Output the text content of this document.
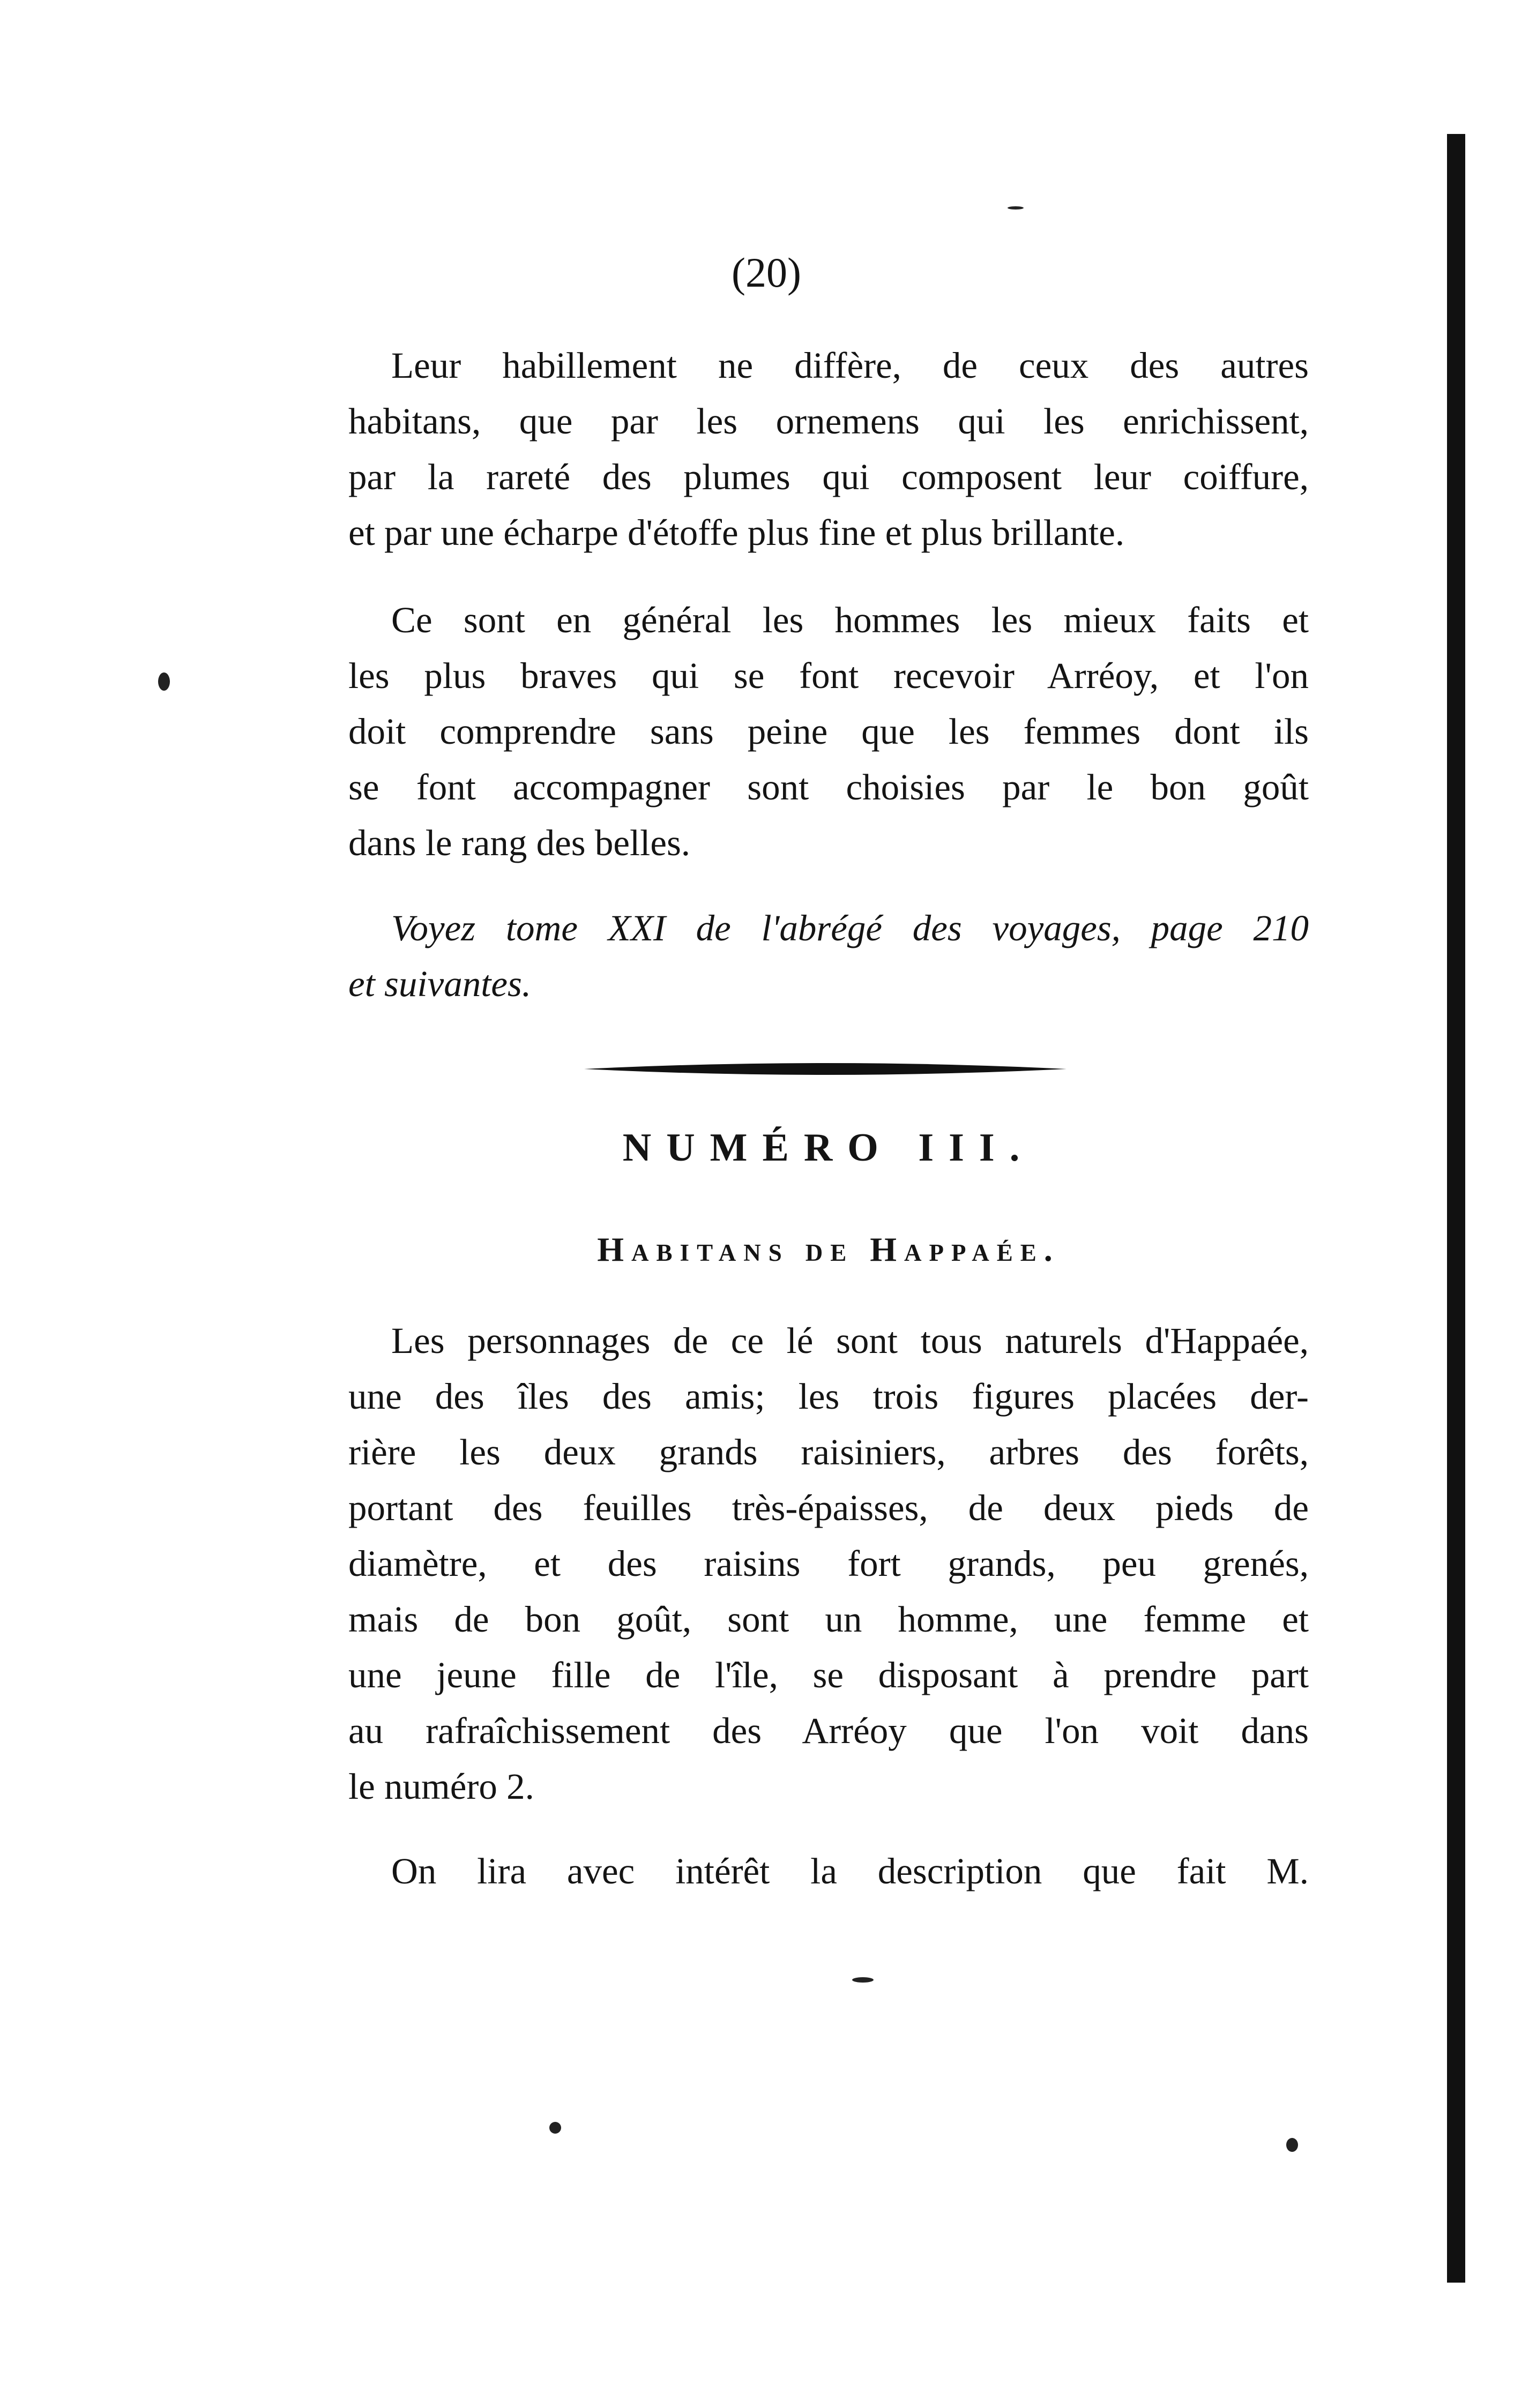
(20)

Leur habillement ne diffère, de ceux des autres
habitans, que par les ornemens qui les enrichissent,
par la rareté des plumes qui composent leur coiffure,
et par une écharpe d'étoffe plus fine et plus brillante.

Ce sont en général les hommes les mieux faits et
les plus braves qui se font recevoir Arréoy, et l'on
doit comprendre sans peine que les femmes dont ils
se font accompagner sont choisies par le bon goût
dans le rang des belles.

Voyez tome XXI de l'abrégé des voyages, page 210
et suivantes.

NUMÉRO III.
Habitans de Happaée.

Les personnages de ce lé sont tous naturels d'Happaée,
une des îles des amis; les trois figures placées der-
rière les deux grands raisiniers, arbres des forêts,
portant des feuilles très-épaisses, de deux pieds de
diamètre, et des raisins fort grands, peu grenés,
mais de bon goût, sont un homme, une femme et
une jeune fille de l'île, se disposant à prendre part
au rafraîchissement des Arréoy que l'on voit dans
le numéro 2.

On lira avec intérêt la description que fait M.
